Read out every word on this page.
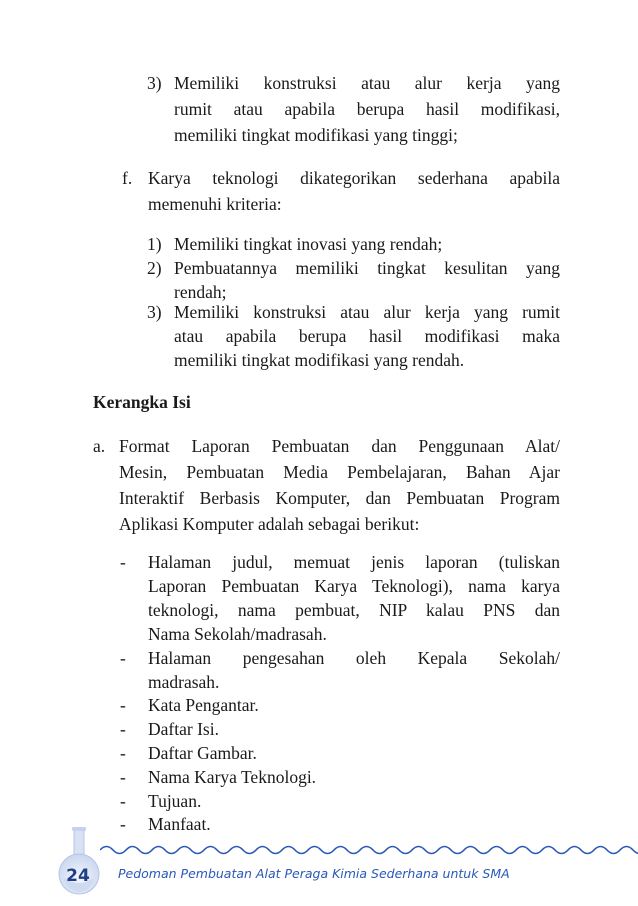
3) Memiliki konstruksi atau alur kerja yang
rumit atau apabila berupa hasil modifikasi,
memiliki tingkat modifikasi yang tinggi;
f. Karya teknologi dikategorikan sederhana apabila
memenuhi kriteria:
1) Memiliki tingkat inovasi yang rendah;
2) Pembuatannya memiliki tingkat kesulitan yang
rendah;
3) Memiliki konstruksi atau alur kerja yang rumit
atau apabila berupa hasil modifikasi maka
memiliki tingkat modifikasi yang rendah.
Kerangka Isi
a. Format Laporan Pembuatan dan Penggunaan Alat/
Mesin, Pembuatan Media Pembelajaran, Bahan Ajar
Interaktif Berbasis Komputer, dan Pembuatan Program
Aplikasi Komputer adalah sebagai berikut:
- Halaman judul, memuat jenis laporan (tuliskan
Laporan Pembuatan Karya Teknologi), nama karya
teknologi, nama pembuat, NIP kalau PNS dan
Nama Sekolah/madrasah.
- Halaman pengesahan oleh Kepala Sekolah/
madrasah.
- Kata Pengantar.
- Daftar Isi.
- Daftar Gambar.
- Nama Karya Teknologi.
- Tujuan.
- Manfaat.
24	Pedoman Pembuatan Alat Peraga Kimia Sederhana untuk SMA
